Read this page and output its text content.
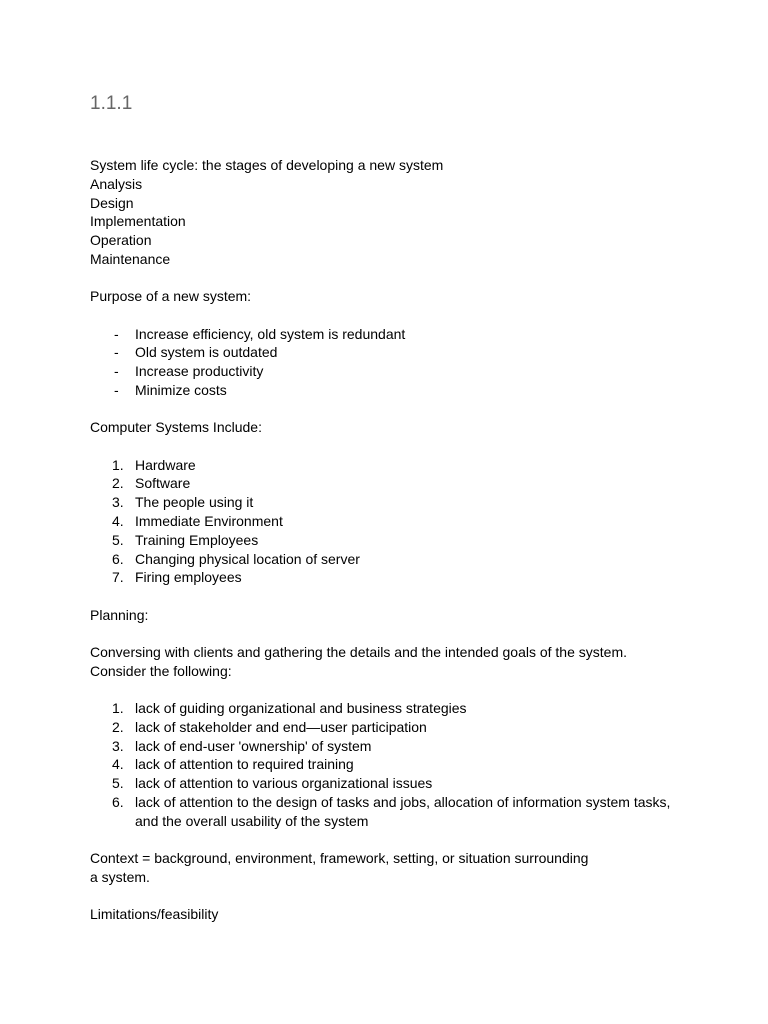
1.1.1
System life cycle: the stages of developing a new system
Analysis
Design
Implementation
Operation
Maintenance
Purpose of a new system:
-	Increase efficiency, old system is redundant
-	Old system is outdated
-	Increase productivity
-	Minimize costs
Computer Systems Include:
1. Hardware
2. Software
3. The people using it
4. Immediate Environment
5. Training Employees
6. Changing physical location of server
7. Firing employees
Planning:
Conversing with clients and gathering the details and the intended goals of the system.
Consider the following:
1. lack of guiding organizational and business strategies
2. lack of stakeholder and end—user participation
3. lack of end-user 'ownership' of system
4. lack of attention to required training
5. lack of attention to various organizational issues
6. lack of attention to the design of tasks and jobs, allocation of information system tasks,
and the overall usability of the system
Context = background, environment, framework, setting, or situation surrounding
a system.
Limitations/feasibility
